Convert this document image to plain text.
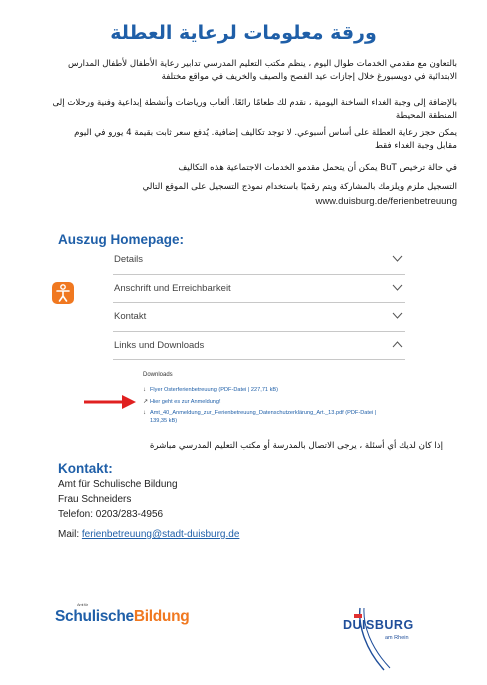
ورقة معلومات لرعاية العطلة
بالتعاون مع مقدمي الخدمات طوال اليوم ، ينظم مكتب التعليم المدرسي تدابير رعاية الأطفال لأطفال المدارس الابتدائية في دويسبورغ خلال إجازات عيد الفصح والصيف والخريف في مواقع مختلفة
بالإضافة إلى وجبة الغداء الساخنة اليومية ، نقدم لك طعامًا رائعًا. ألعاب ورياضات وأنشطة إبداعية وفنية ورحلات إلى المنطقة المحيطة
يمكن حجز رعاية العطلة على أساس أسبوعي. لا توجد تكاليف إضافية. يُدفع سعر ثابت بقيمة 4 يورو في اليوم مقابل وجبة الغداء فقط
في حالة ترخيص BuT يمكن أن يتحمل مقدمو الخدمات الاجتماعية هذه التكاليف
التسجيل ملزم ويلزمك بالمشاركة ويتم رقميًا باستخدام نموذج التسجيل على الموقع التالي
www.duisburg.de/ferienbetreuung
Auszug Homepage:
Details
Anschrift und Erreichbarkeit
Kontakt
Links und Downloads
Downloads
↓ Flyer Osterferienbetreuung (PDF-Datei | 227,71 kB)
↗ Hier geht es zur Anmeldung!
↓ Amt_40_Anmeldung_zur_Ferienbetreuung_Datenschutzerklärung_Art._13.pdf (PDF-Datei | 139,35 kB)
إذا كان لديك أي أسئلة ، يرجى الاتصال بالمدرسة أو مكتب التعليم المدرسي مباشرة
Kontakt:
Amt für Schulische Bildung
Frau Schneiders
Telefon: 0203/283-4956
Mail: ferienbetreuung@stadt-duisburg.de
Amt für
SchulischeBildung	DUISBURG
am Rhein
